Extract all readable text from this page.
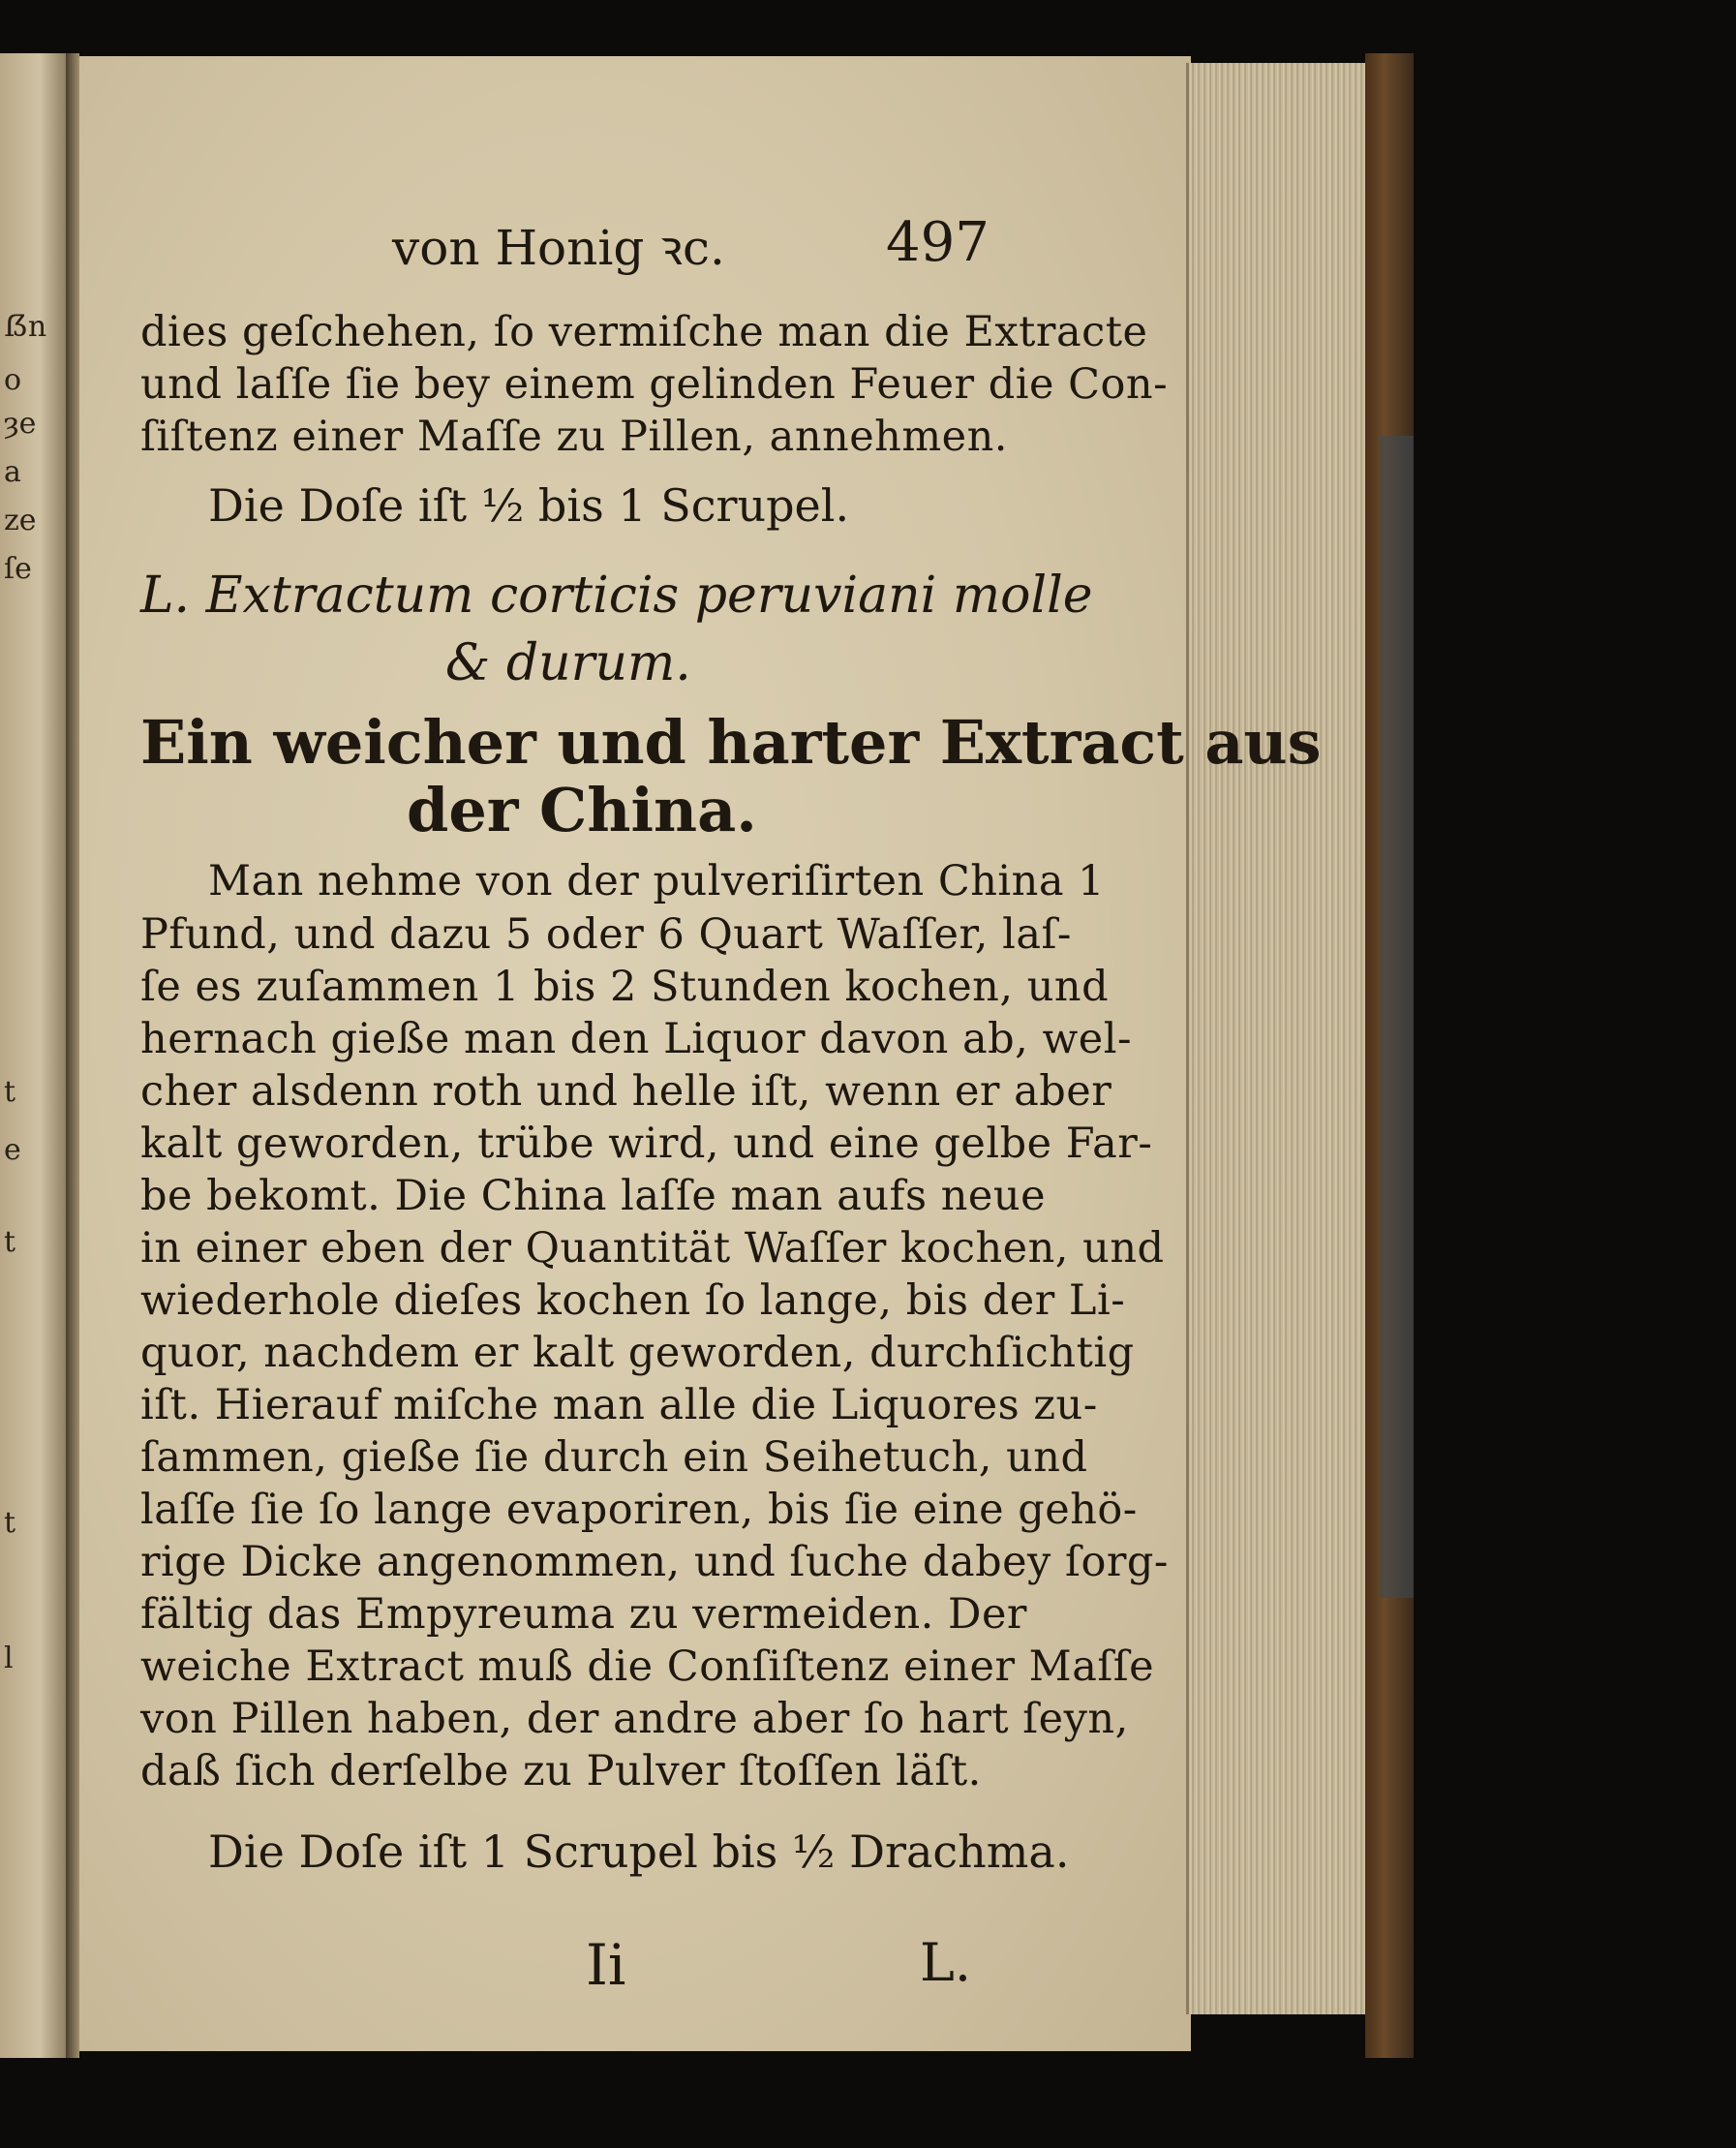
ẞn
o
ȝe
a
ze
ſe
t
e
t
t
l
von Honig ꝛc.	497
dies geſchehen, ſo vermiſche man die Extracte
und laſſe ſie bey einem gelinden Feuer die Con-
ſiſtenz einer Maſſe zu Pillen, annehmen.
Die Doſe iſt ½ bis 1 Scrupel.
L. Extractum corticis peruviani molle
& durum.
Ein weicher und harter Extract aus
der China.
Man nehme von der pulveriſirten China 1
Pfund, und dazu 5 oder 6 Quart Waſſer, laſ-
ſe es zuſammen 1 bis 2 Stunden kochen, und
hernach gieße man den Liquor davon ab, wel-
cher alsdenn roth und helle iſt, wenn er aber
kalt geworden, trübe wird, und eine gelbe Far-
be bekomt. Die China laſſe man aufs neue
in einer eben der Quantität Waſſer kochen, und
wiederhole dieſes kochen ſo lange, bis der Li-
quor, nachdem er kalt geworden, durchſichtig
iſt. Hierauf miſche man alle die Liquores zu-
ſammen, gieße ſie durch ein Seihetuch, und
laſſe ſie ſo lange evaporiren, bis ſie eine gehö-
rige Dicke angenommen, und ſuche dabey ſorg-
fältig das Empyreuma zu vermeiden. Der
weiche Extract muß die Conſiſtenz einer Maſſe
von Pillen haben, der andre aber ſo hart ſeyn,
daß ſich derſelbe zu Pulver ſtoſſen läſt.
Die Doſe iſt 1 Scrupel bis ½ Drachma.
Ii	L.
